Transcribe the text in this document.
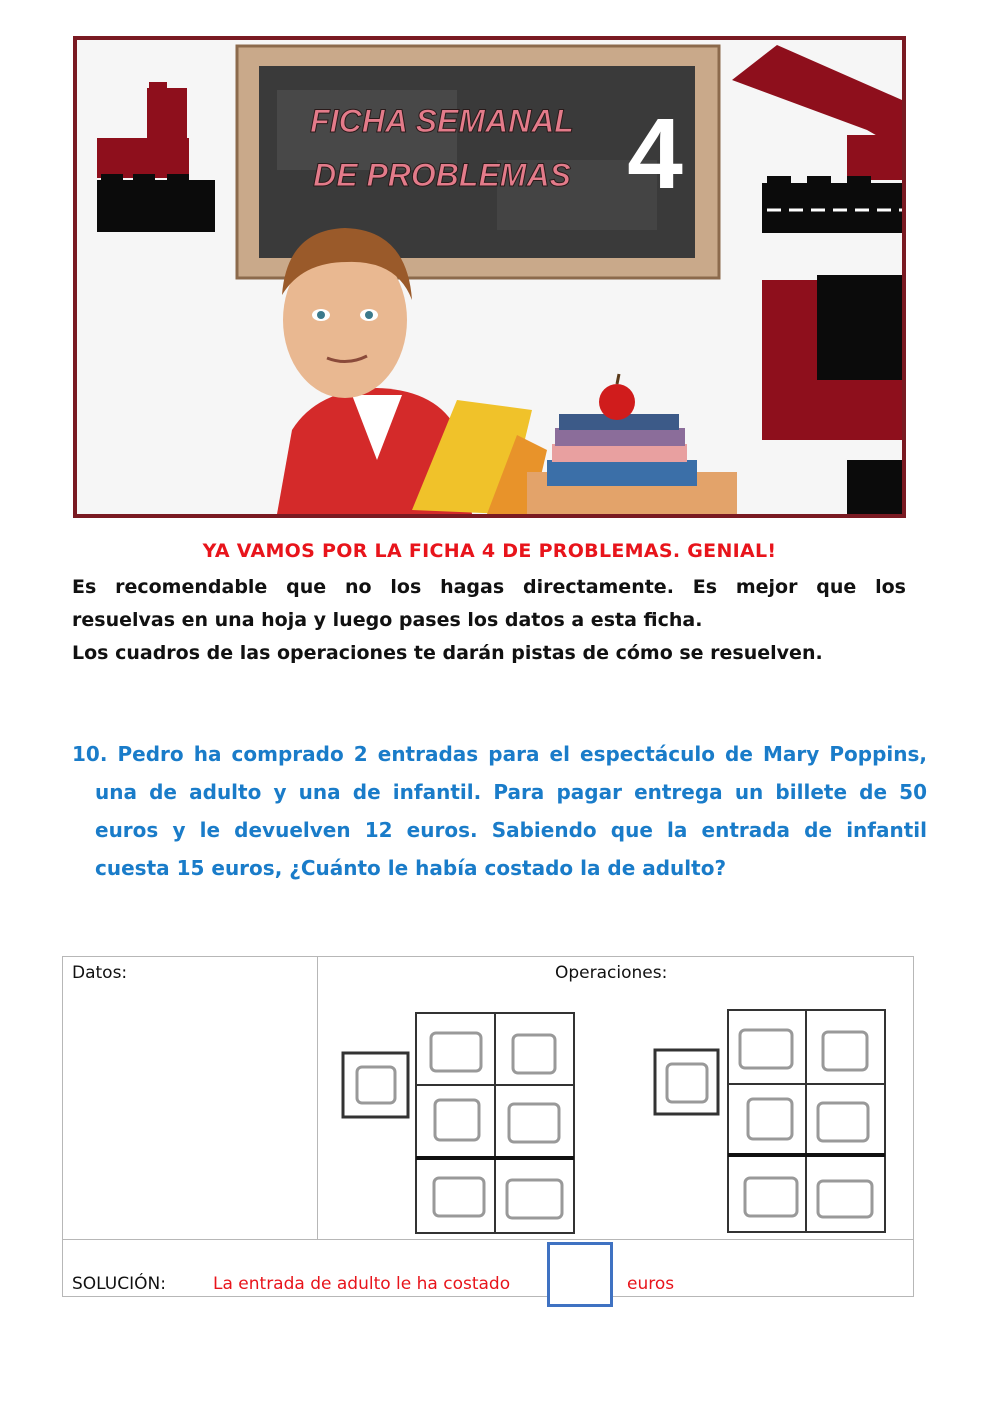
FICHA SEMANAL
DE PROBLEMAS 4
YA VAMOS POR LA FICHA 4 DE PROBLEMAS. GENIAL!
Es recomendable que no los hagas directamente. Es mejor que los
resuelvas en una hoja y luego pases los datos a esta ficha.
Los cuadros de las operaciones te darán pistas de cómo se resuelven.
10. Pedro ha comprado 2 entradas para el espectáculo de Mary Poppins,
una de adulto y una de infantil. Para pagar entrega un billete de 50
euros y le devuelven 12 euros. Sabiendo que la entrada de infantil
cuesta 15 euros, ¿Cuánto le había costado la de adulto?
Datos:	Operaciones:
SOLUCIÓN:	La entrada de adulto le ha costado	euros
